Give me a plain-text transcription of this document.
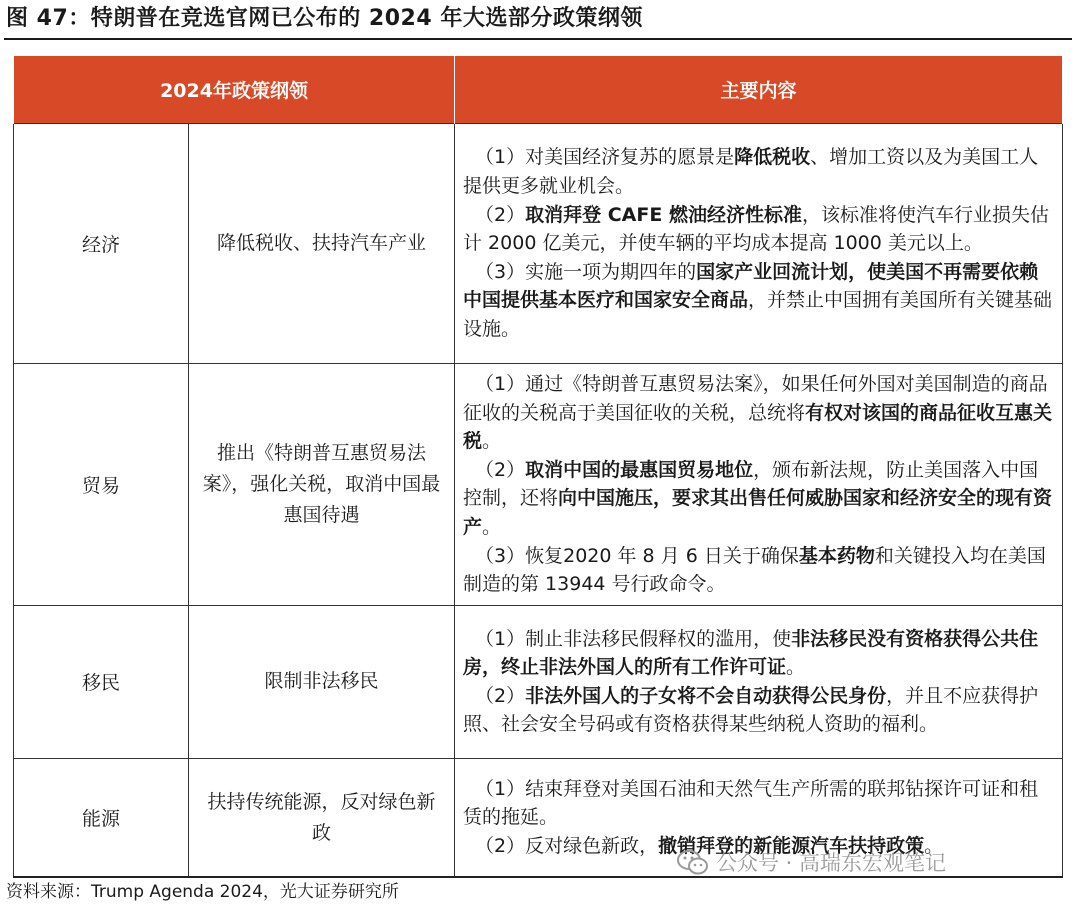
图 47：特朗普在竞选官网已公布的 2024 年大选部分政策纲领
2024年政策纲领		主要内容
经济	降低税收、扶持汽车产业	（1）对美国经济复苏的愿景是降低税收、增加工资以及为美国工人提供更多就业机会。
（2）取消拜登 CAFE 燃油经济性标准，该标准将使汽车行业损失估计 2000 亿美元，并使车辆的平均成本提高 1000 美元以上。
（3）实施一项为期四年的国家产业回流计划，使美国不再需要依赖中国提供基本医疗和国家安全商品，并禁止中国拥有美国所有关键基础设施。

贸易	推出《特朗普互惠贸易法案》，强化关税，取消中国最惠国待遇	（1）通过《特朗普互惠贸易法案》，如果任何外国对美国制造的商品征收的关税高于美国征收的关税，总统将有权对该国的商品征收互惠关税。
（2）取消中国的最惠国贸易地位，颁布新法规，防止美国落入中国控制，还将向中国施压，要求其出售任何威胁国家和经济安全的现有资产。
（3）恢复2020 年 8 月 6 日关于确保基本药物和关键投入均在美国制造的第 13944 号行政命令。

移民	限制非法移民	（1）制止非法移民假释权的滥用，使非法移民没有资格获得公共住房，终止非法外国人的所有工作许可证。
（2）非法外国人的子女将不会自动获得公民身份，并且不应获得护照、社会安全号码或有资格获得某些纳税人资助的福利。

能源	扶持传统能源，反对绿色新政	（1）结束拜登对美国石油和天然气生产所需的联邦钻探许可证和租赁的拖延。
（2）反对绿色新政，撤销拜登的新能源汽车扶持政策。
公众号 · 高瑞东宏观笔记
资料来源：Trump Agenda 2024，光大证券研究所
